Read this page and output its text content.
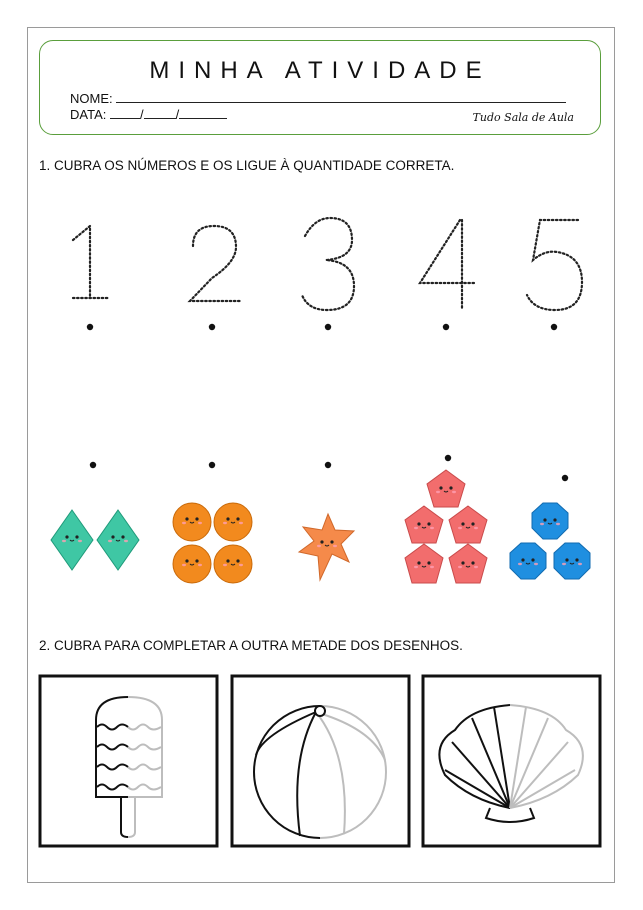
MINHA ATIVIDADE
NOME:
DATA:	/ /	Tudo Sala de Aula
1. CUBRA OS NÚMEROS E OS LIGUE À QUANTIDADE CORRETA.
2. CUBRA PARA COMPLETAR A OUTRA METADE DOS DESENHOS.
